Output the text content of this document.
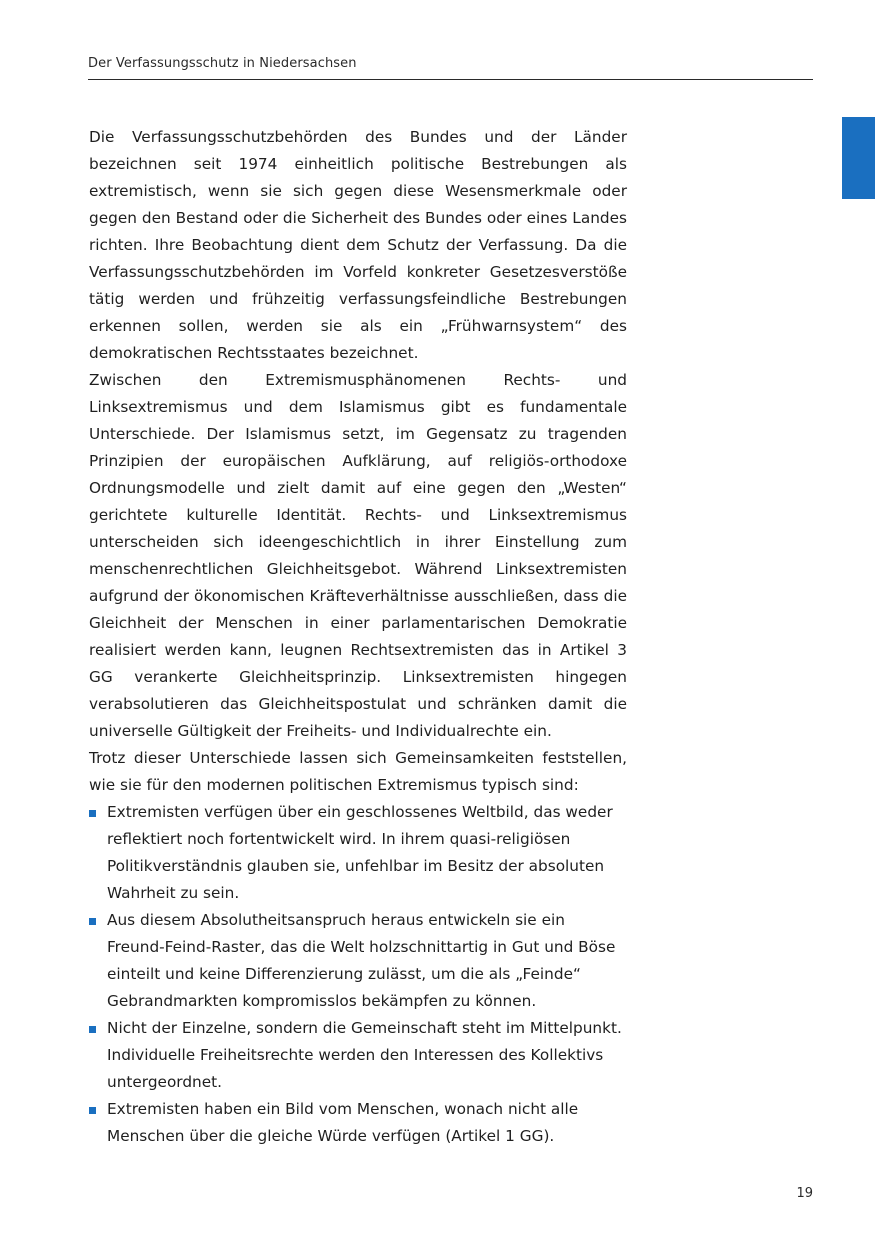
Der Verfassungsschutz in Niedersachsen

Die Verfassungsschutzbehörden des Bundes und der Länder bezeichnen seit 1974 einheitlich politische Bestrebungen als extremistisch, wenn sie sich gegen diese Wesensmerkmale oder gegen den Bestand oder die Sicherheit des Bundes oder eines Landes richten. Ihre Beobachtung dient dem Schutz der Verfassung. Da die Verfassungsschutzbehörden im Vorfeld konkreter Gesetzesverstöße tätig werden und frühzeitig verfassungsfeindliche Bestrebungen erkennen sollen, werden sie als ein „Frühwarnsystem“ des demokratischen Rechtsstaates bezeichnet.

Zwischen den Extremismusphänomenen Rechts- und Linksextremismus und dem Islamismus gibt es fundamentale Unterschiede. Der Islamismus setzt, im Gegensatz zu tragenden Prinzipien der europäischen Aufklärung, auf religiös-orthodoxe Ordnungsmodelle und zielt damit auf eine gegen den „Westen“ gerichtete kulturelle Identität. Rechts- und Linksextremismus unterscheiden sich ideengeschichtlich in ihrer Einstellung zum menschenrechtlichen Gleichheitsgebot. Während Linksextremisten aufgrund der ökonomischen Kräfteverhältnisse ausschließen, dass die Gleichheit der Menschen in einer parlamentarischen Demokratie realisiert werden kann, leugnen Rechtsextremisten das in Artikel 3 GG verankerte Gleichheitsprinzip. Linksextremisten hingegen verabsolutieren das Gleichheitspostulat und schränken damit die universelle Gültigkeit der Freiheits- und Individualrechte ein.

Trotz dieser Unterschiede lassen sich Gemeinsamkeiten feststellen, wie sie für den modernen politischen Extremismus typisch sind:

Extremisten verfügen über ein geschlossenes Weltbild, das weder reflektiert noch fortentwickelt wird. In ihrem quasi-religiösen Politikverständnis glauben sie, unfehlbar im Besitz der absoluten Wahrheit zu sein.
Aus diesem Absolutheitsanspruch heraus entwickeln sie ein Freund-Feind-Raster, das die Welt holzschnittartig in Gut und Böse einteilt und keine Differenzierung zulässt, um die als „Feinde“ Gebrandmarkten kompromisslos bekämpfen zu können.
Nicht der Einzelne, sondern die Gemeinschaft steht im Mittelpunkt. Individuelle Freiheitsrechte werden den Interessen des Kollektivs untergeordnet.
Extremisten haben ein Bild vom Menschen, wonach nicht alle Menschen über die gleiche Würde verfügen (Artikel 1 GG).
19
